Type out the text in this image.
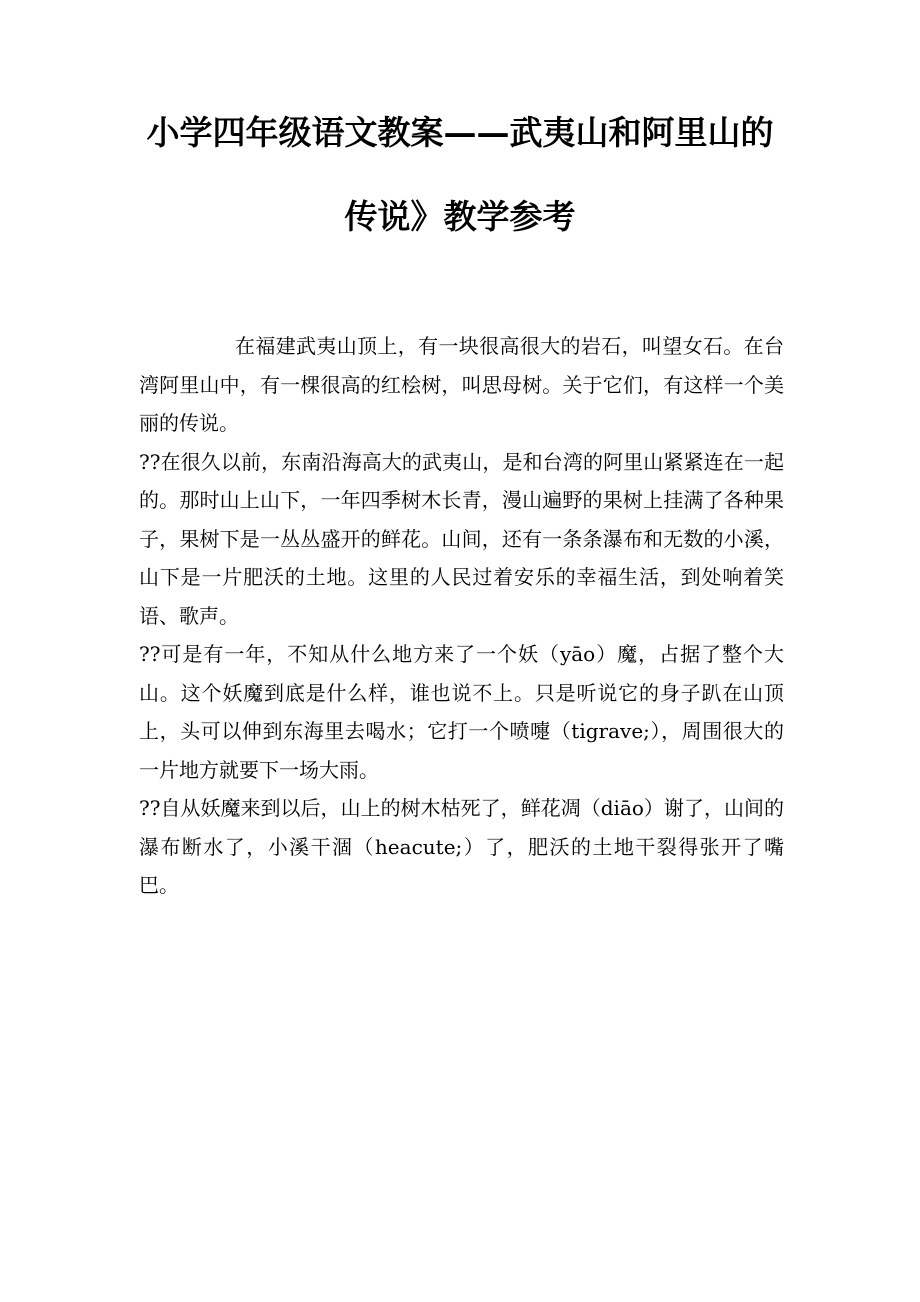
小学四年级语文教案——武夷山和阿里山的
传说》教学参考

在福建武夷山顶上，有一块很高很大的岩石，叫望女石。在台湾阿里山中，有一棵很高的红桧树，叫思母树。关于它们，有这样一个美丽的传说。

??在很久以前，东南沿海高大的武夷山，是和台湾的阿里山紧紧连在一起的。那时山上山下，一年四季树木长青，漫山遍野的果树上挂满了各种果子，果树下是一丛丛盛开的鲜花。山间，还有一条条瀑布和无数的小溪，山下是一片肥沃的土地。这里的人民过着安乐的幸福生活，到处响着笑语、歌声。

??可是有一年，不知从什么地方来了一个妖（yāo）魔，占据了整个大山。这个妖魔到底是什么样，谁也说不上。只是听说它的身子趴在山顶上，头可以伸到东海里去喝水；它打一个喷嚏（tigrave;），周围很大的一片地方就要下一场大雨。

??自从妖魔来到以后，山上的树木枯死了，鲜花凋（diāo）谢了，山间的瀑布断水了，小溪干涸（heacute;）了，肥沃的土地干裂得张开了嘴巴。
